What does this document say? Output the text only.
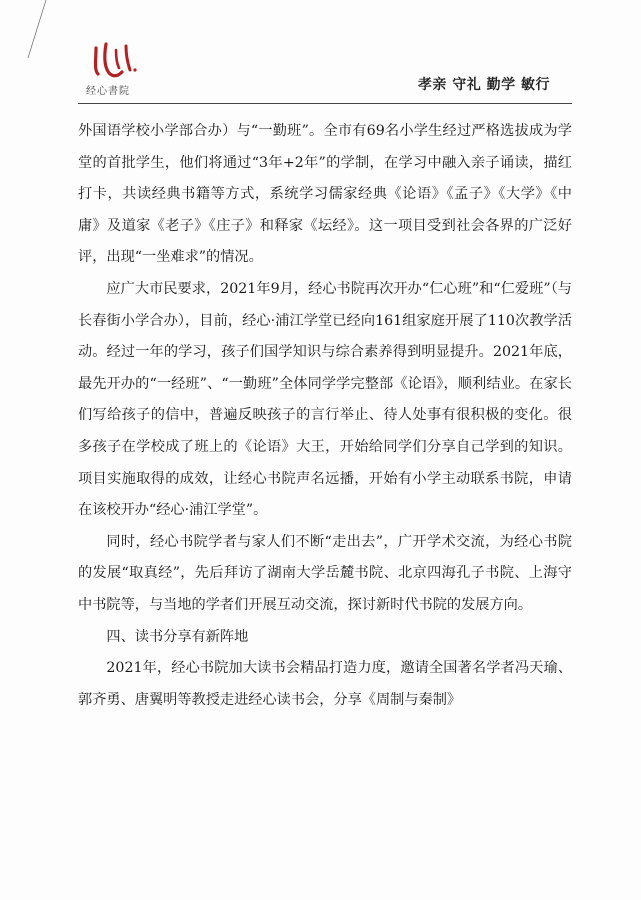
经心書院	孝亲 守礼 勤学 敏行

外国语学校小学部合办）与“一勤班”。全市有69名小学生经过严格选拔成为学堂的首批学生，他们将通过“3年+2年”的学制，在学习中融入亲子诵读，描红打卡，共读经典书籍等方式，系统学习儒家经典《论语》《孟子》《大学》《中庸》及道家《老子》《庄子》和释家《坛经》。这一项目受到社会各界的广泛好评，出现“一坐难求”的情况。

应广大市民要求，2021年9月，经心书院再次开办“仁心班”和“仁爱班”（与长春街小学合办），目前，经心·浦江学堂已经向161组家庭开展了110次教学活动。经过一年的学习，孩子们国学知识与综合素养得到明显提升。2021年底，最先开办的“一经班”、“一勤班”全体同学学完整部《论语》，顺利结业。在家长们写给孩子的信中，普遍反映孩子的言行举止、待人处事有很积极的变化。很多孩子在学校成了班上的《论语》大王，开始给同学们分享自己学到的知识。项目实施取得的成效，让经心书院声名远播，开始有小学主动联系书院，申请在该校开办“经心·浦江学堂”。

同时，经心书院学者与家人们不断“走出去”，广开学术交流，为经心书院的发展“取真经”，先后拜访了湖南大学岳麓书院、北京四海孔子书院、上海守中书院等，与当地的学者们开展互动交流，探讨新时代书院的发展方向。

四、读书分享有新阵地

2021年，经心书院加大读书会精品打造力度，邀请全国著名学者冯天瑜、郭齐勇、唐翼明等教授走进经心读书会，分享《周制与秦制》
